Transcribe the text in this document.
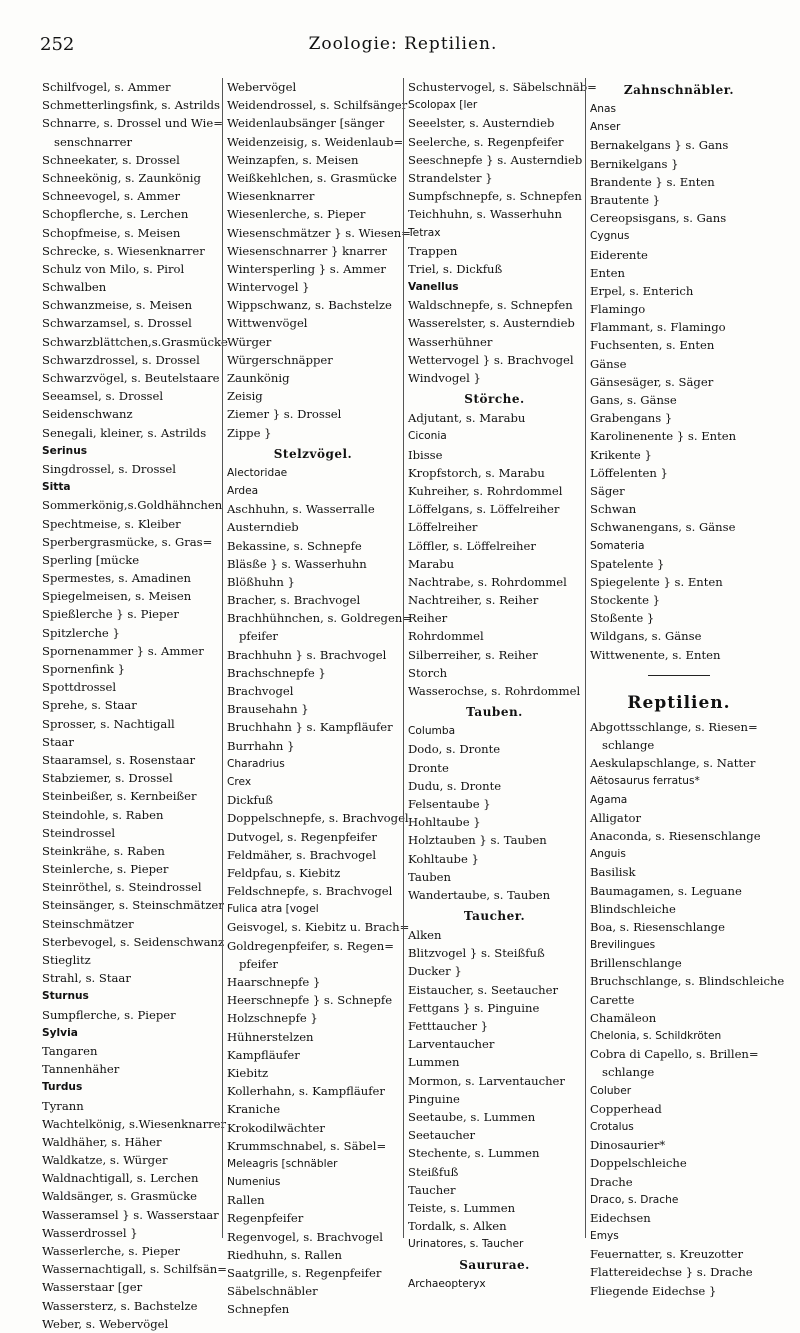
252	Zoologie: Reptilien.
Schilfvogel, s. Ammer
Schmetterlingsfink, s. Astrilds
Schnarre, s. Drossel und Wie=
senschnarrer
Schneekater, s. Drossel
Schneekönig, s. Zaunkönig
Schneevogel, s. Ammer
Schopflerche, s. Lerchen
Schopfmeise, s. Meisen
Schrecke, s. Wiesenknarrer
Schulz von Milo, s. Pirol
Schwalben
Schwanzmeise, s. Meisen
Schwarzamsel, s. Drossel
Schwarzblättchen,s.Grasmücke
Schwarzdrossel, s. Drossel
Schwarzvögel, s. Beutelstaare
Seeamsel, s. Drossel
Seidenschwanz
Senegali, kleiner, s. Astrilds
Serinus
Singdrossel, s. Drossel
Sitta
Sommerkönig,s.Goldhähnchen
Spechtmeise, s. Kleiber
Sperbergrasmücke, s. Gras=
Sperling [mücke
Spermestes, s. Amadinen
Spiegelmeisen, s. Meisen
Spießlerche } s. Pieper
Spitzlerche }
Spornenammer } s. Ammer
Spornenfink }
Spottdrossel
Sprehe, s. Staar
Sprosser, s. Nachtigall
Staar
Staaramsel, s. Rosenstaar
Stabziemer, s. Drossel
Steinbeißer, s. Kernbeißer
Steindohle, s. Raben
Steindrossel
Steinkrähe, s. Raben
Steinlerche, s. Pieper
Steinröthel, s. Steindrossel
Steinsänger, s. Steinschmätzer
Steinschmätzer
Sterbevogel, s. Seidenschwanz
Stieglitz
Strahl, s. Staar
Sturnus
Sumpflerche, s. Pieper
Sylvia
Tangaren
Tannenhäher
Turdus
Tyrann
Wachtelkönig, s.Wiesenknarrer
Waldhäher, s. Häher
Waldkatze, s. Würger
Waldnachtigall, s. Lerchen
Waldsänger, s. Grasmücke
Wasseramsel } s. Wasserstaar
Wasserdrossel }
Wasserlerche, s. Pieper
Wassernachtigall, s. Schilfsän=
Wasserstaar [ger
Wassersterz, s. Bachstelze
Weber, s. Webervögel
Webervögel
Weidendrossel, s. Schilfsänger
Weidenlaubsänger [sänger
Weidenzeisig, s. Weidenlaub=
Weinzapfen, s. Meisen
Weißkehlchen, s. Grasmücke
Wiesenknarrer
Wiesenlerche, s. Pieper
Wiesenschmätzer } s. Wiesen=
Wiesenschnarrer } knarrer
Wintersperling } s. Ammer
Wintervogel }
Wippschwanz, s. Bachstelze
Wittwenvögel
Würger
Würgerschnäpper
Zaunkönig
Zeisig
Ziemer } s. Drossel
Zippe }
Stelzvögel.
Alectoridae
Ardea
Aschhuhn, s. Wasserralle
Austerndieb
Bekassine, s. Schnepfe
Bläsße } s. Wasserhuhn
Blößhuhn }
Bracher, s. Brachvogel
Brachhühnchen, s. Goldregen=
pfeifer
Brachhuhn } s. Brachvogel
Brachschnepfe }
Brachvogel
Brausehahn }
Bruchhahn } s. Kampfläufer
Burrhahn }
Charadrius
Crex
Dickfuß
Doppelschnepfe, s. Brachvogel
Dutvogel, s. Regenpfeifer
Feldmäher, s. Brachvogel
Feldpfau, s. Kiebitz
Feldschnepfe, s. Brachvogel
Fulica atra [vogel
Geisvogel, s. Kiebitz u. Brach=
Goldregenpfeifer, s. Regen=
pfeifer
Haarschnepfe }
Heerschnepfe } s. Schnepfe
Holzschnepfe }
Hühnerstelzen
Kampfläufer
Kiebitz
Kollerhahn, s. Kampfläufer
Kraniche
Krokodilwächter
Krummschnabel, s. Säbel=
Meleagris [schnäbler
Numenius
Rallen
Regenpfeifer
Regenvogel, s. Brachvogel
Riedhuhn, s. Rallen
Saatgrille, s. Regenpfeifer
Säbelschnäbler
Schnepfen
Schustervogel, s. Säbelschnäb=
Scolopax [ler
Seeelster, s. Austerndieb
Seelerche, s. Regenpfeifer
Seeschnepfe } s. Austerndieb
Strandelster }
Sumpfschnepfe, s. Schnepfen
Teichhuhn, s. Wasserhuhn
Tetrax
Trappen
Triel, s. Dickfuß
Vanellus
Waldschnepfe, s. Schnepfen
Wasserelster, s. Austerndieb
Wasserhühner
Wettervogel } s. Brachvogel
Windvogel }
Störche.
Adjutant, s. Marabu
Ciconia
Ibisse
Kropfstorch, s. Marabu
Kuhreiher, s. Rohrdommel
Löffelgans, s. Löffelreiher
Löffelreiher
Löffler, s. Löffelreiher
Marabu
Nachtrabe, s. Rohrdommel
Nachtreiher, s. Reiher
Reiher
Rohrdommel
Silberreiher, s. Reiher
Storch
Wasserochse, s. Rohrdommel
Tauben.
Columba
Dodo, s. Dronte
Dronte
Dudu, s. Dronte
Felsentaube }
Hohltaube }
Holztauben } s. Tauben
Kohltaube }
Tauben
Wandertaube, s. Tauben
Taucher.
Alken
Blitzvogel } s. Steißfuß
Ducker }
Eistaucher, s. Seetaucher
Fettgans } s. Pinguine
Fetttaucher }
Larventaucher
Lummen
Mormon, s. Larventaucher
Pinguine
Seetaube, s. Lummen
Seetaucher
Stechente, s. Lummen
Steißfuß
Taucher
Teiste, s. Lummen
Tordalk, s. Alken
Urinatores, s. Taucher
Saururae.
Archaeopteryx
Zahnschnäbler.
Anas
Anser
Bernakelgans } s. Gans
Bernikelgans }
Brandente } s. Enten
Brautente }
Cereopsisgans, s. Gans
Cygnus
Eiderente
Enten
Erpel, s. Enterich
Flamingo
Flammant, s. Flamingo
Fuchsenten, s. Enten
Gänse
Gänsesäger, s. Säger
Gans, s. Gänse
Grabengans }
Karolinenente } s. Enten
Krikente }
Löffelenten }
Säger
Schwan
Schwanengans, s. Gänse
Somateria
Spatelente }
Spiegelente } s. Enten
Stockente }
Stoßente }
Wildgans, s. Gänse
Wittwenente, s. Enten
Reptilien.
Abgottsschlange, s. Riesen=
schlange
Aeskulapschlange, s. Natter
Aëtosaurus ferratus*
Agama
Alligator
Anaconda, s. Riesenschlange
Anguis
Basilisk
Baumagamen, s. Leguane
Blindschleiche
Boa, s. Riesenschlange
Brevilingues
Brillenschlange
Bruchschlange, s. Blindschleiche
Carette
Chamäleon
Chelonia, s. Schildkröten
Cobra di Capello, s. Brillen=
schlange
Coluber
Copperhead
Crotalus
Dinosaurier*
Doppelschleiche
Drache
Draco, s. Drache
Eidechsen
Emys
Feuernatter, s. Kreuzotter
Flattereidechse } s. Drache
Fliegende Eidechse }
